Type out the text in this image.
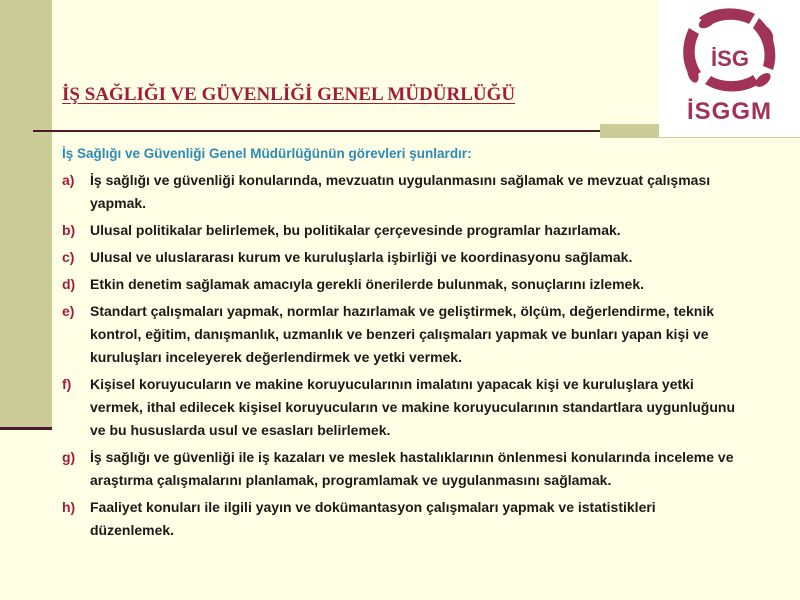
İSG
İSGGM
İŞ SAĞLIĞI VE GÜVENLİĞİ GENEL MÜDÜRLÜĞÜ
İş Sağlığı ve Güvenliği Genel Müdürlüğünün görevleri şunlardır:
a) İş sağlığı ve güvenliği konularında, mevzuatın uygulanmasını sağlamak ve mevzuat çalışması yapmak.
b) Ulusal politikalar belirlemek, bu politikalar çerçevesinde programlar hazırlamak.
c) Ulusal ve uluslararası kurum ve kuruluşlarla işbirliği ve koordinasyonu sağlamak.
d) Etkin denetim sağlamak amacıyla gerekli önerilerde bulunmak, sonuçlarını izlemek.
e) Standart çalışmaları yapmak, normlar hazırlamak ve geliştirmek, ölçüm, değerlendirme, teknik kontrol, eğitim, danışmanlık, uzmanlık ve benzeri çalışmaları yapmak ve bunları yapan kişi ve kuruluşları inceleyerek değerlendirmek ve yetki vermek.
f) Kişisel koruyucuların ve makine koruyucularının imalatını yapacak kişi ve kuruluşlara yetki vermek, ithal edilecek kişisel koruyucuların ve makine koruyucularının standartlara uygunluğunu ve bu hususlarda usul ve esasları belirlemek.
g) İş sağlığı ve güvenliği ile iş kazaları ve meslek hastalıklarının önlenmesi konularında inceleme ve araştırma çalışmalarını planlamak, programlamak ve uygulanmasını sağlamak.
h) Faaliyet konuları ile ilgili yayın ve dokümantasyon çalışmaları yapmak ve istatistikleri düzenlemek.
